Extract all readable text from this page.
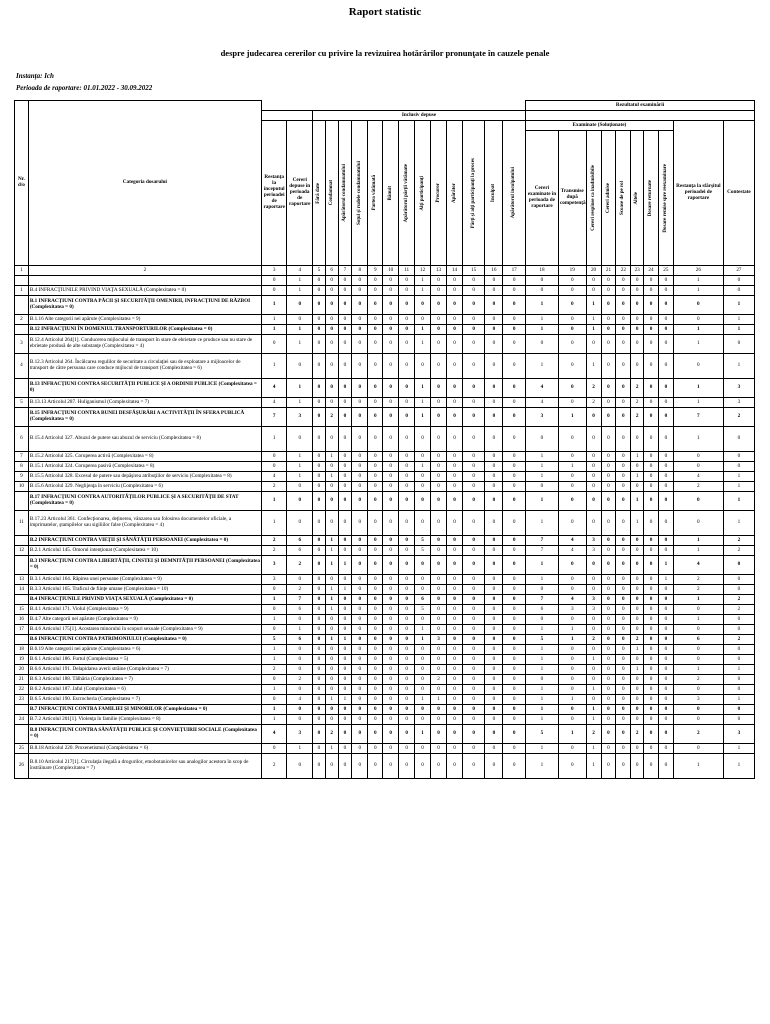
Raport statistic
despre judecarea cererilor cu privire la revizuirea hotărârilor pronunţate în cauzele penale
Instanţa: Ich
Perioada de raportare: 01.01.2022 - 30.09.2022
Nr. d/o	Categoria dosarului																Rezultatul examinării									
				Inclusiv depuse																						
		Restanţa la începutul perioadei de raportare	Cereri depuse în perioada de raportare	Fără date	Condamnat	Apărătorul condamnatului	Soţul şi rudele condamnatului	Partea vătămată	Bănuit	Apărătorul părţii vătămate	Alţi participanţi	Procuror	Apărător	Părţi şi alţi participanţi la proces	Inculpat	Apărătorul inculpatului	Examinate (Soluţionate)								Restanţa la sfârşitul perioadei de raportare	Contestate
																	Cereri examinate în perioada de raportare	Transmise după competenţă	Cereri respinse ca inadmisibile	Cereri admise	Scoase de pe rol	Altele	Dosare returnate	Dosare remise spre reexaminare		

1	2	3	4	5	6	7	8	9	10	11	12	13	14	15	16	17	18	19	20	21	22	23	24	25	26	27
		0	1	0	0	0	0	0	0	0	1	0	0	0	0	0	0	0	0	0	0	0	0	0	1	0
1	B.4 INFRACŢIUNILE PRIVIND VIAŢA SEXUALĂ (Complexitatea = 0)	0	1	0	0	0	0	0	0	0	1	0	0	0	0	0	0	0	0	0	0	0	0	0	1	0
	B.1 INFRACŢIUNI CONTRA PĂCII ŞI SECURITĂŢII OMENIRII, INFRACŢIUNI DE RĂZBOI (Complexitatea = 0)	1	0	0	0	0	0	0	0	0	0	0	0	0	0	0	1	0	1	0	0	0	0	0	0	1
2	B.1.16 Alte categorii nei apărute (Complexitatea = 9)	1	0	0	0	0	0	0	0	0	0	0	0	0	0	0	1	0	1	0	0	0	0	0	0	1
	B.12 INFRACŢIUNI ÎN DOMENIUL TRANSPORTURILOR (Complexitatea = 0)	1	1	0	0	0	0	0	0	0	1	0	0	0	0	0	1	0	1	0	0	0	0	0	1	1
3	B.12.4 Articolul 264[1]. Conducerea mijlocului de transport în stare de ebrietate ce produce sau nu stare de ebrietate produsă de alte substanţe (Complexitatea = 4)	0	1	0	0	0	0	0	0	0	1	0	0	0	0	0	0	0	0	0	0	0	0	0	1	0
4	B.12.3 Articolul 264. Încălcarea regulilor de securitate a circulaţiei sau de exploatare a mijloacelor de transport de către persoana care conduce mijlocul de transport (Complexitatea = 6)	1	0	0	0	0	0	0	0	0	0	0	0	0	0	0	1	0	1	0	0	0	0	0	0	1
	B.13 INFRACŢIUNI CONTRA SECURITĂŢII PUBLICE ŞI A ORDINII PUBLICE (Complexitatea = 0)	4	1	0	0	0	0	0	0	0	1	0	0	0	0	0	4	0	2	0	0	2	0	0	1	3
5	B.13.13 Articolul 287. Huliganismul (Complexitatea = 7)	4	1	0	0	0	0	0	0	0	1	0	0	0	0	0	4	0	2	0	0	2	0	0	1	3
	B.15 INFRACŢIUNI CONTRA BUNEI DESFĂŞURĂRI A ACTIVITĂŢII ÎN SFERA PUBLICĂ (Complexitatea = 0)	7	3	0	2	0	0	0	0	0	1	0	0	0	0	0	3	1	0	0	0	2	0	0	7	2
6	B.15.4 Articolul 327. Abuzul de putere sau abuzul de serviciu (Complexitatea = 8)	1	0	0	0	0	0	0	0	0	0	0	0	0	0	0	0	0	0	0	0	0	0	0	1	0
7	B.15.2 Articolul 325. Coruperea activă (Complexitatea = 8)	0	1	0	1	0	0	0	0	0	0	0	0	0	0	0	1	0	0	0	0	1	0	0	0	0
8	B.15.1 Articolul 324. Coruperea pasivă (Complexitatea = 8)	0	1	0	0	0	0	0	0	0	1	0	0	0	0	0	1	1	0	0	0	0	0	0	0	0
9	B.15.5 Articolul 328. Excesul de putere sau depăşirea atribuţiilor de serviciu (Complexitatea = 8)	4	1	0	1	0	0	0	0	0	0	0	0	0	0	0	1	0	0	0	0	1	0	0	4	1
10	B.15.6 Articolul 329. Neglijenţa în serviciu (Complexitatea = 6)	2	0	0	0	0	0	0	0	0	0	0	0	0	0	0	0	0	0	0	0	0	0	0	2	1
	B.17 INFRACŢIUNI CONTRA AUTORITĂŢILOR PUBLICE ŞI A SECURITĂŢII DE STAT (Complexitatea = 0)	1	0	0	0	0	0	0	0	0	0	0	0	0	0	0	1	0	0	0	0	1	0	0	0	1
11	B.17.23 Articolul 361. Confecţionarea, deţinerea, vânzarea sau folosirea documentelor oficiale, a imprimatelor, ştampilelor sau sigiliilor false (Complexitatea = 4)	1	0	0	0	0	0	0	0	0	0	0	0	0	0	0	1	0	0	0	0	1	0	0	0	1
	B.2 INFRACŢIUNI CONTRA VIEŢII ŞI SĂNĂTĂŢII PERSOANEI (Complexitatea = 0)	2	6	0	1	0	0	0	0	0	5	0	0	0	0	0	7	4	3	0	0	0	0	0	1	2
12	B.2.1 Articolul 145. Omorul intenţionat (Complexitatea = 10)	2	6	0	1	0	0	0	0	0	5	0	0	0	0	0	7	4	3	0	0	0	0	0	1	2
	B.3 INFRACŢIUNI CONTRA LIBERTĂŢII, CINSTEI ŞI DEMNITĂŢII PERSOANEI (Complexitatea = 0)	3	2	0	1	1	0	0	0	0	0	0	0	0	0	0	1	0	0	0	0	0	0	1	4	0
13	B.3.1 Articolul 164. Răpirea unei persoane (Complexitatea = 9)	3	0	0	0	0	0	0	0	0	0	0	0	0	0	0	1	0	0	0	0	0	0	1	2	0
14	B.3.3 Articolul 165. Traficul de fiinţe umane (Complexitatea = 10)	0	2	0	1	1	0	0	0	0	0	0	0	0	0	0	0	0	0	0	0	0	0	0	2	0
	B.4 INFRACŢIUNILE PRIVIND VIAŢA SEXUALĂ (Complexitatea = 0)	1	7	0	1	0	0	0	0	0	6	0	0	0	0	0	7	4	3	0	0	0	0	0	1	2
15	B.4.1 Articolul 171. Violul (Complexitatea = 9)	0	6	0	1	0	0	0	0	0	5	0	0	0	0	0	6	3	3	0	0	0	0	0	0	2
16	B.4.7 Alte categorii nei apărute (Complexitatea = 9)	1	0	0	0	0	0	0	0	0	0	0	0	0	0	0	0	0	0	0	0	0	0	0	1	0
17	B.4.6 Articolul 175[1]. Acostarea minorului în scopuri sexuale (Complexitatea = 9)	0	1	0	0	0	0	0	0	0	1	0	0	0	0	0	1	1	0	0	0	0	0	0	0	0
	B.6 INFRACŢIUNI CONTRA PATRIMONIULUI (Complexitatea = 0)	5	6	0	1	1	0	0	0	0	1	3	0	0	0	0	5	1	2	0	0	2	0	0	6	2
18	B.6.19 Alte categorii nei apărute (Complexitatea = 6)	1	0	0	0	0	0	0	0	0	0	0	0	0	0	0	1	0	0	0	0	1	0	0	0	0
19	B.6.1 Articolul 186. Furtul (Complexitatea = 5)	1	0	0	0	0	0	0	0	0	0	0	0	0	0	0	1	0	1	0	0	0	0	0	0	0
20	B.6.6 Articolul 191. Delapidarea averii străine (Complexitatea = 7)	2	0	0	0	0	0	0	0	0	0	0	0	0	0	0	1	0	0	0	0	1	0	0	1	1
21	B.6.3 Articolul 188. Tâlhăria (Complexitatea = 7)	0	2	0	0	0	0	0	0	0	0	2	0	0	0	0	0	0	0	0	0	0	0	0	2	0
22	B.6.2 Articolul 187. Jaful (Complexitatea = 6)	1	0	0	0	0	0	0	0	0	0	0	0	0	0	0	1	0	1	0	0	0	0	0	0	0
23	B.6.5 Articolul 190. Escrocheria (Complexitatea = 7)	0	4	0	1	1	0	0	0	0	1	1	0	0	0	0	1	1	0	0	0	0	0	0	3	1
	B.7 INFRACŢIUNI CONTRA FAMILIEI ŞI MINORILOR (Complexitatea = 0)	1	0	0	0	0	0	0	0	0	0	0	0	0	0	0	1	0	1	0	0	0	0	0	0	0
24	B.7.2 Articolul 201[1]. Violenţa în familie (Complexitatea = 8)	1	0	0	0	0	0	0	0	0	0	0	0	0	0	0	1	0	1	0	0	0	0	0	0	0
	B.8 INFRACŢIUNI CONTRA SĂNĂTĂŢII PUBLICE ŞI CONVIEŢUIRII SOCIALE (Complexitatea = 0)	4	3	0	2	0	0	0	0	0	1	0	0	0	0	0	5	1	2	0	0	2	0	0	2	3
25	B.8.18 Articolul 220. Proxenetismul (Complexitatea = 6)	0	1	0	1	0	0	0	0	0	0	0	0	0	0	0	1	0	1	0	0	0	0	0	0	1
26	B.8.10 Articolul 217[1]. Circulaţia ilegală a drogurilor, etnobotanicelor sau analogilor acestora în scop de înstrăinare (Complexitatea = 7)	2	0	0	0	0	0	0	0	0	0	0	0	0	0	0	1	0	1	0	0	0	0	0	1	1
